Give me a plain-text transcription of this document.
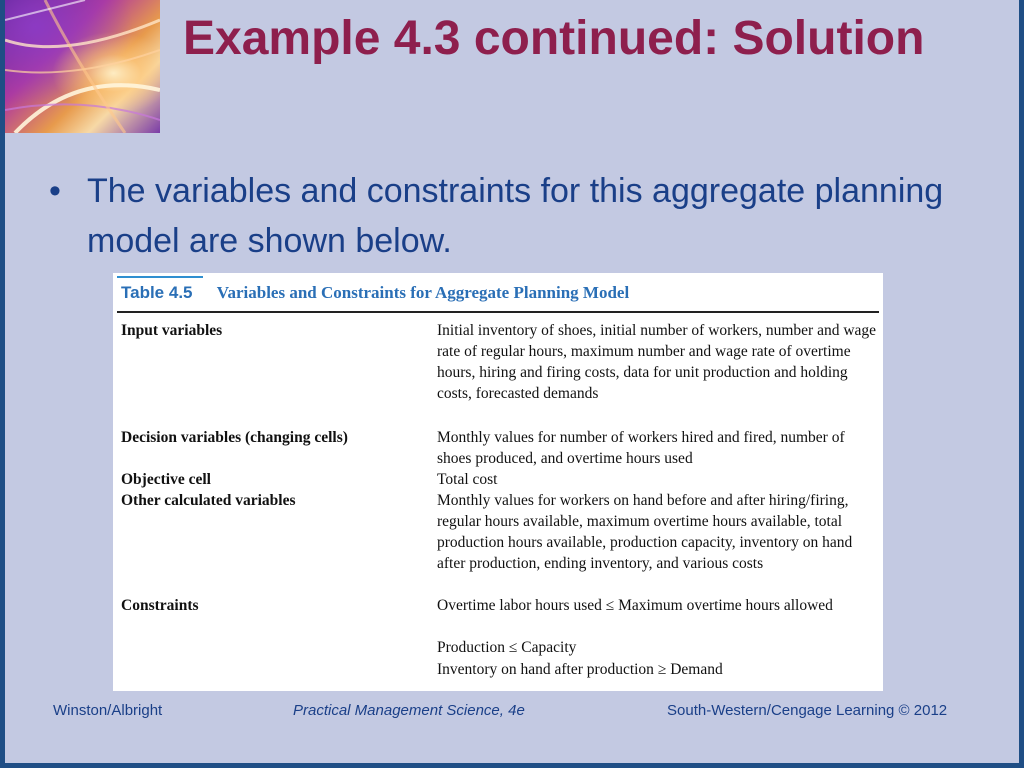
Example 4.3 continued: Solution
• The variables and constraints for this aggregate planning model are shown below.
Table 4.5 Variables and Constraints for Aggregate Planning Model
Input variables	Initial inventory of shoes, initial number of workers, number and wage rate of regular hours, maximum number and wage rate of overtime hours, hiring and firing costs, data for unit production and holding costs, forecasted demands
Decision variables (changing cells)	Monthly values for number of workers hired and fired, number of shoes produced, and overtime hours used
Objective cell	Total cost
Other calculated variables	Monthly values for workers on hand before and after hiring/firing, regular hours available, maximum overtime hours available, total production hours available, production capacity, inventory on hand after production, ending inventory, and various costs
Constraints	Overtime labor hours used ≤ Maximum overtime hours allowed
Production ≤ Capacity
Inventory on hand after production ≥ Demand
Winston/Albright	Practical Management Science, 4e	South-Western/Cengage Learning © 2012
